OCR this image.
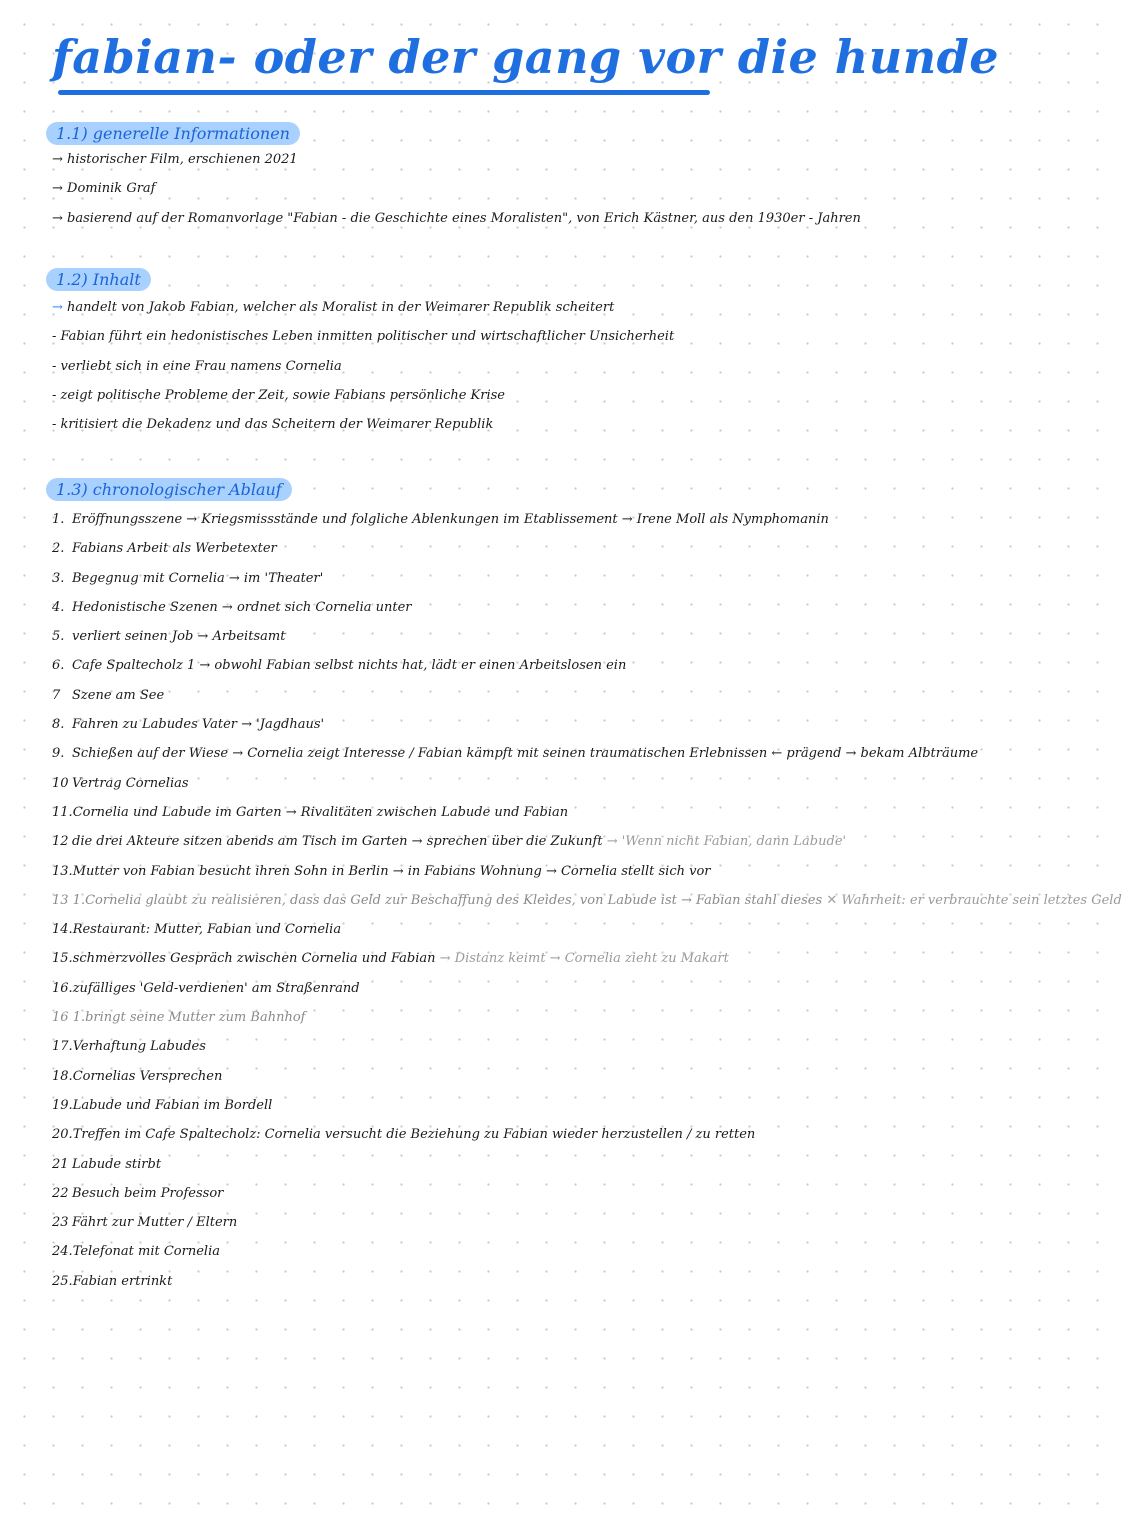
fabian- oder der gang vor die hunde
1.1) generelle Informationen
→ historischer Film, erschienen 2021
→ Dominik Graf
→ basierend auf der Romanvorlage "Fabian - die Geschichte eines Moralisten", von Erich Kästner, aus den 1930er - Jahren
1.2) Inhalt
→ handelt von Jakob Fabian, welcher als Moralist in der Weimarer Republik scheitert
- Fabian führt ein hedonistisches Leben inmitten politischer und wirtschaftlicher Unsicherheit
- verliebt sich in eine Frau namens Cornelia
- zeigt politische Probleme der Zeit, sowie Fabians persönliche Krise
- kritisiert die Dekadenz und das Scheitern der Weimarer Republik
1.3) chronologischer Ablauf
1. Eröffnungsszene → Kriegsmissstände und folgliche Ablenkungen im Etablissement → Irene Moll als Nymphomanin
2. Fabians Arbeit als Werbetexter
3. Begegnug mit Cornelia → im 'Theater'
4. Hedonistische Szenen → ordnet sich Cornelia unter
5. verliert seinen Job → Arbeitsamt
6. Cafe Spaltecholz 1 → obwohl Fabian selbst nichts hat, lädt er einen Arbeitslosen ein
7 Szene am See
8. Fahren zu Labudes Vater → 'Jagdhaus'
9. Schießen auf der Wiese → Cornelia zeigt Interesse / Fabian kämpft mit seinen traumatischen Erlebnissen ← prägend → bekam Albträume
10 Vertrag Cornelias
11.Cornelia und Labude im Garten → Rivalitäten zwischen Labude und Fabian
12 die drei Akteure sitzen abends am Tisch im Garten → sprechen über die Zukunft → 'Wenn nicht Fabian, dann Labude'
13.Mutter von Fabian besucht ihren Sohn in Berlin → in Fabians Wohnung → Cornelia stellt sich vor
13 1.Cornelia glaubt zu realisieren, dass das Geld zur Beschaffung des Kleides, von Labude ist → Fabian stahl dieses ✕ Wahrheit: er verbrauchte sein letztes Geld
14.Restaurant: Mutter, Fabian und Cornelia
15.schmerzvolles Gespräch zwischen Cornelia und Fabian → Distanz keimt → Cornelia zieht zu Makart
16.zufälliges 'Geld-verdienen' am Straßenrand
16 1.bringt seine Mutter zum Bahnhof
17.Verhaftung Labudes
18.Cornelias Versprechen
19.Labude und Fabian im Bordell
20.Treffen im Cafe Spaltecholz: Cornelia versucht die Beziehung zu Fabian wieder herzustellen / zu retten
21 Labude stirbt
22 Besuch beim Professor
23 Fährt zur Mutter / Eltern
24.Telefonat mit Cornelia
25.Fabian ertrinkt
